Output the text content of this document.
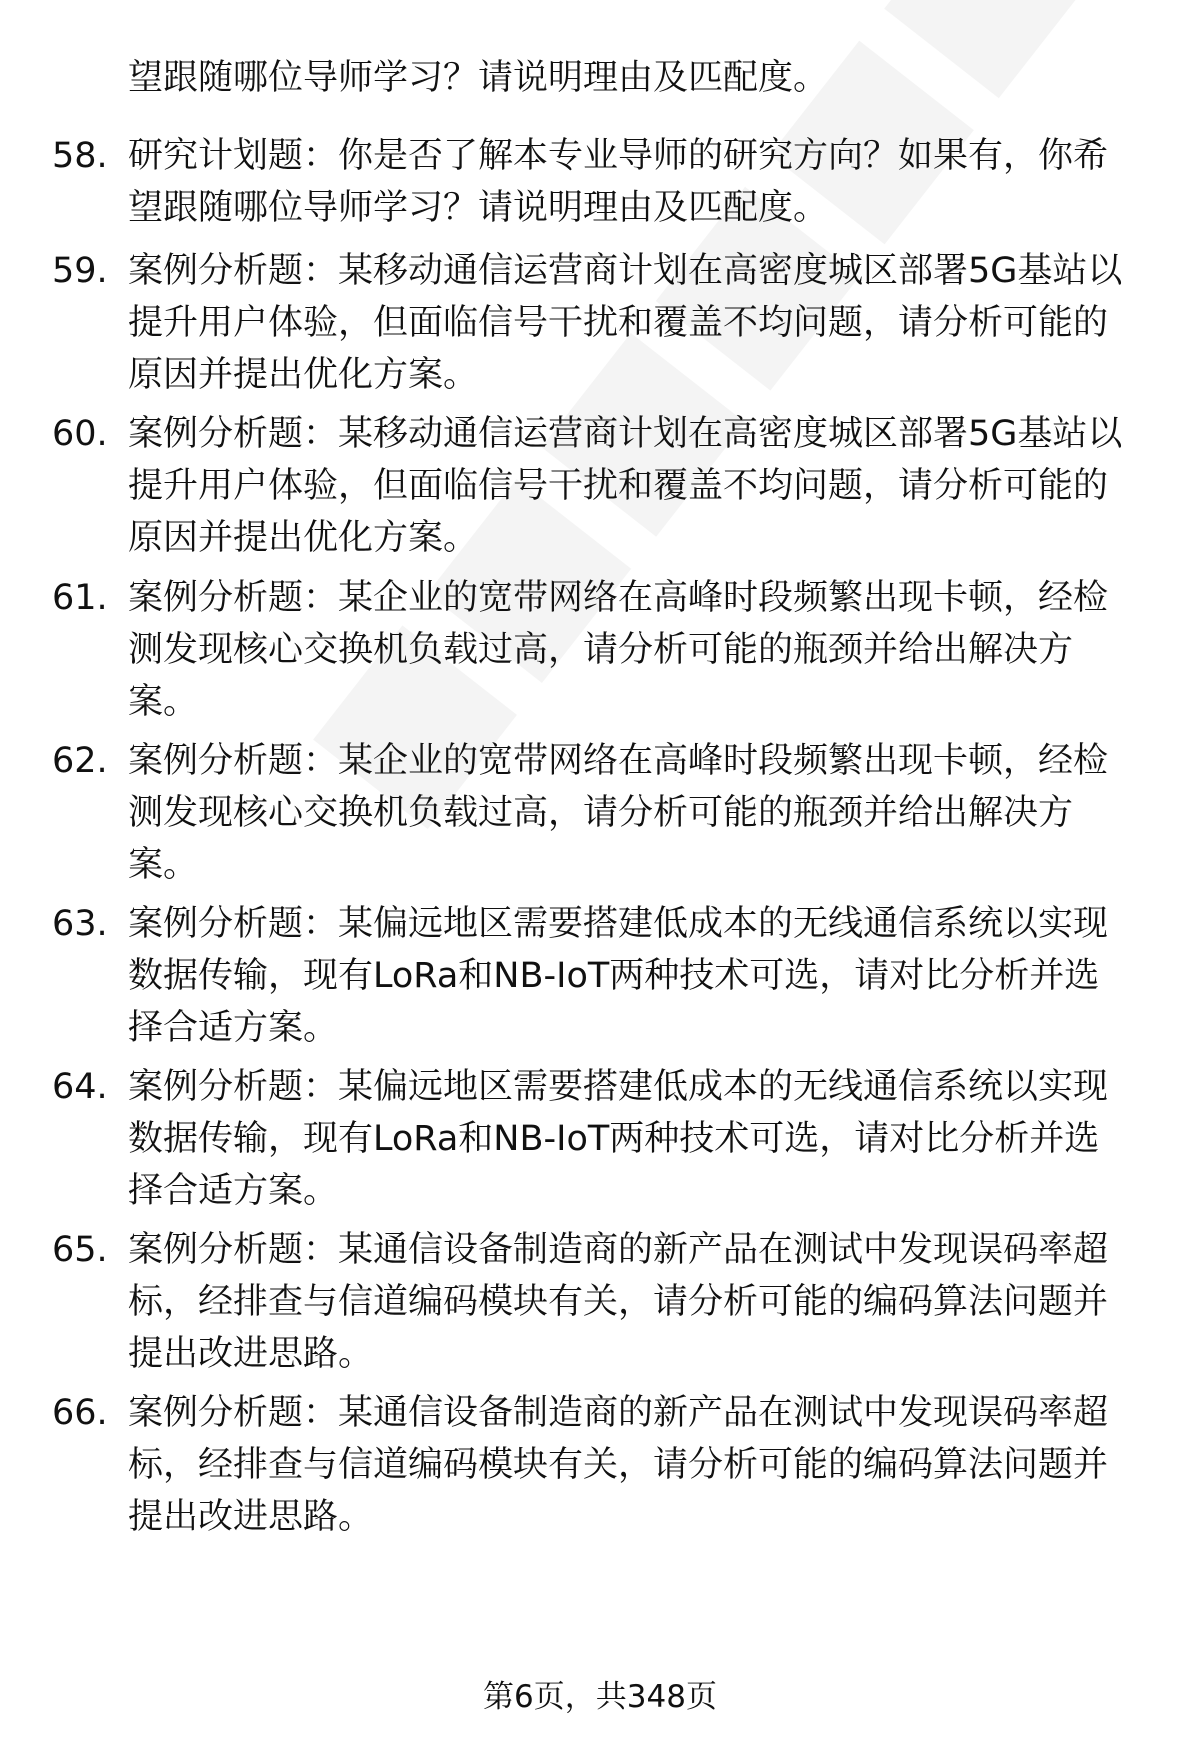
望跟随哪位导师学习？请说明理由及匹配度。
58. 研究计划题：你是否了解本专业导师的研究方向？如果有，你希
望跟随哪位导师学习？请说明理由及匹配度。
59. 案例分析题：某移动通信运营商计划在高密度城区部署5G基站以
提升用户体验，但面临信号干扰和覆盖不均问题，请分析可能的
原因并提出优化方案。
60. 案例分析题：某移动通信运营商计划在高密度城区部署5G基站以
提升用户体验，但面临信号干扰和覆盖不均问题，请分析可能的
原因并提出优化方案。
61. 案例分析题：某企业的宽带网络在高峰时段频繁出现卡顿，经检
测发现核心交换机负载过高，请分析可能的瓶颈并给出解决方
案。
62. 案例分析题：某企业的宽带网络在高峰时段频繁出现卡顿，经检
测发现核心交换机负载过高，请分析可能的瓶颈并给出解决方
案。
63. 案例分析题：某偏远地区需要搭建低成本的无线通信系统以实现
数据传输，现有LoRa和NB-IoT两种技术可选，请对比分析并选
择合适方案。
64. 案例分析题：某偏远地区需要搭建低成本的无线通信系统以实现
数据传输，现有LoRa和NB-IoT两种技术可选，请对比分析并选
择合适方案。
65. 案例分析题：某通信设备制造商的新产品在测试中发现误码率超
标，经排查与信道编码模块有关，请分析可能的编码算法问题并
提出改进思路。
66. 案例分析题：某通信设备制造商的新产品在测试中发现误码率超
标，经排查与信道编码模块有关，请分析可能的编码算法问题并
提出改进思路。
第6页，共348页
